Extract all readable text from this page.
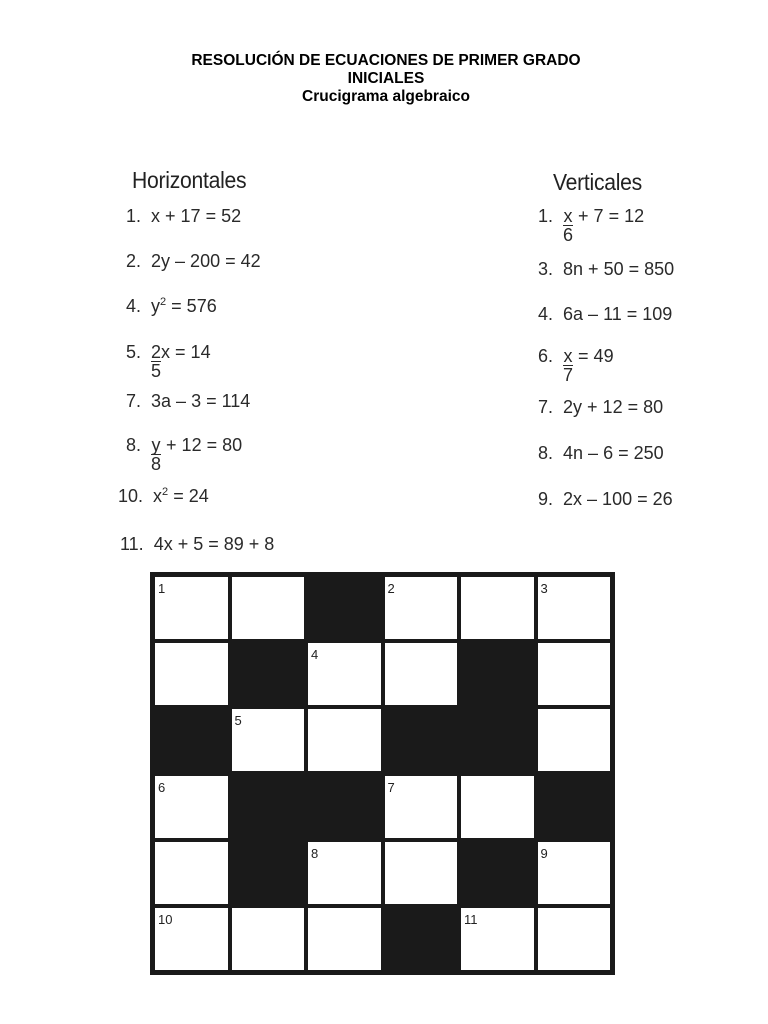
RESOLUCIÓN DE ECUACIONES DE PRIMER GRADO
INICIALES
Crucigrama algebraico
Horizontales	Verticales
1. x + 17 = 52
2. 2y – 200 = 42
4. $y^2 = 576$
5. $\frac{2}{5}$ x = 14
7. 3a – 3 = 114
8. $\frac{y}{8} + 12 = 80$
10. $x^2 = 24$
11. 4x + 5 = 89 + 8
1. $\frac{x}{6} + 7 = 12$
3. 8n + 50 = 850
4. 6a – 11 = 109
6. $\frac{x}{7} = 49$
7. 2y + 12 = 80
8. 4n – 6 = 250
9. 2x – 100 = 26
1	2	3
4
5
6	7
8	9
10	11
